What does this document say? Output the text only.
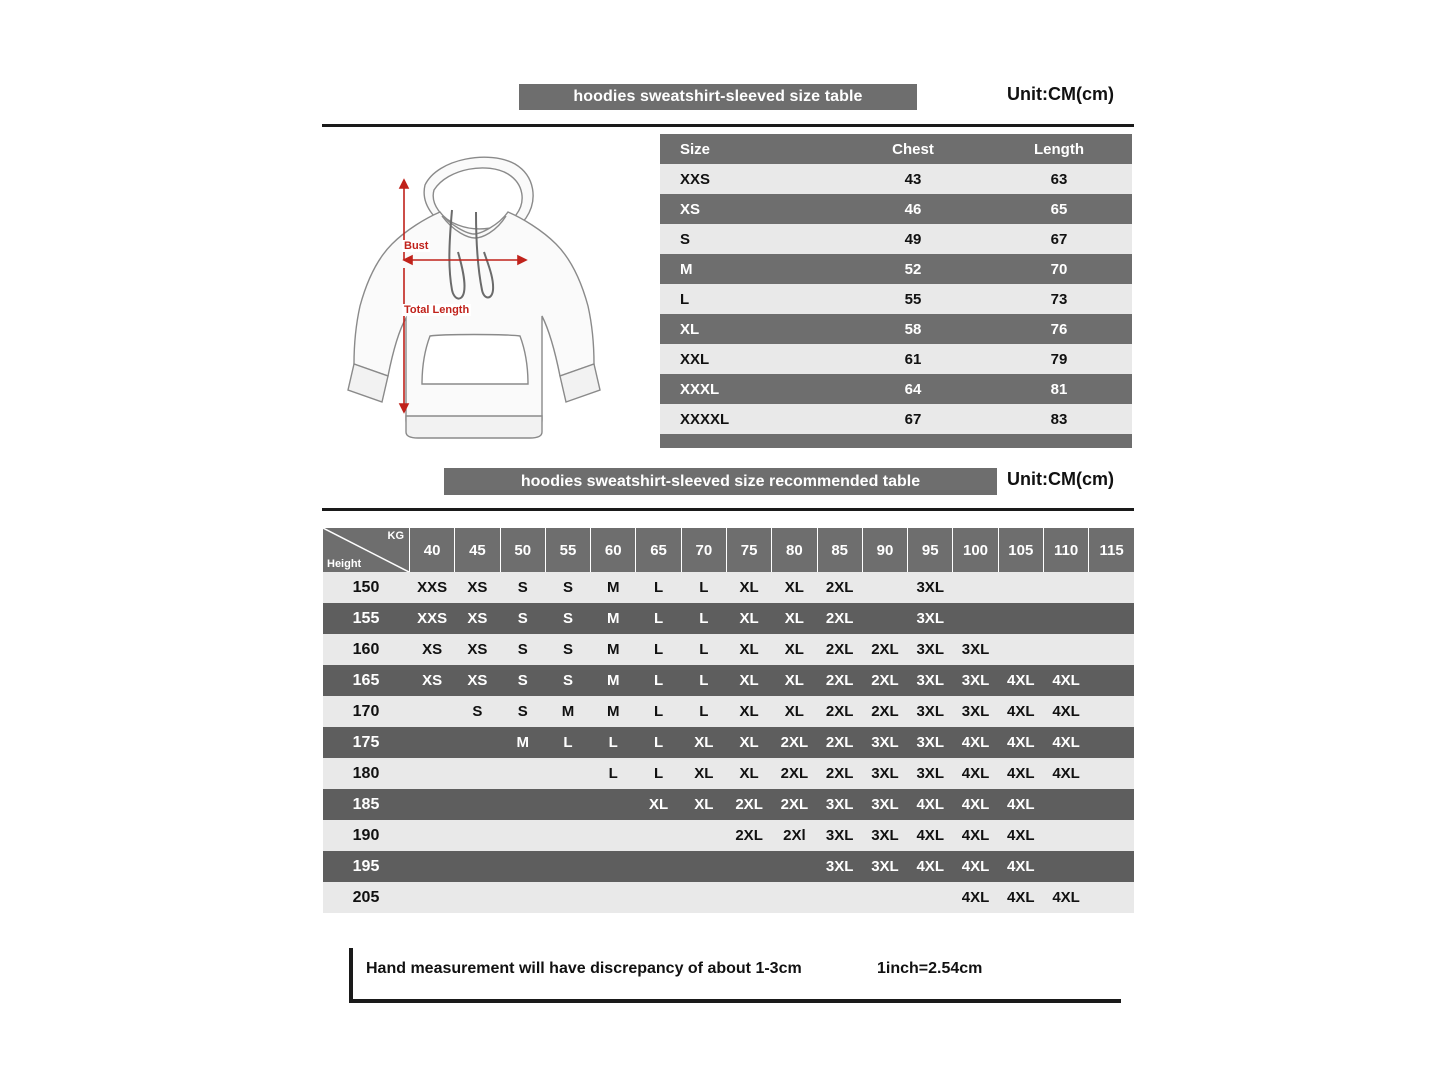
hoodies sweatshirt-sleeved size table	Unit:CM(cm)
Bust
Total Length
Size	Chest	Length
XXS	43	63
XS	46	65
S	49	67
M	52	70
L	55	73
XL	58	76
XXL	61	79
XXXL	64	81
XXXXL	67	83

hoodies sweatshirt-sleeved size recommended table	Unit:CM(cm)
KG
Height	40	45	50	55	60	65	70	75	80	85	90	95	100	105	110	115
150	XXS	XS	S	S	M	L	L	XL	XL	2XL		3XL				
155	XXS	XS	S	S	M	L	L	XL	XL	2XL		3XL				
160	XS	XS	S	S	M	L	L	XL	XL	2XL	2XL	3XL	3XL			
165	XS	XS	S	S	M	L	L	XL	XL	2XL	2XL	3XL	3XL	4XL	4XL	
170		S	S	M	M	L	L	XL	XL	2XL	2XL	3XL	3XL	4XL	4XL	
175			M	L	L	L	XL	XL	2XL	2XL	3XL	3XL	4XL	4XL	4XL	
180					L	L	XL	XL	2XL	2XL	3XL	3XL	4XL	4XL	4XL	
185						XL	XL	2XL	2XL	3XL	3XL	4XL	4XL	4XL		
190								2XL	2Xl	3XL	3XL	4XL	4XL	4XL		
195										3XL	3XL	4XL	4XL	4XL		
205													4XL	4XL	4XL	
Hand measurement will have discrepancy of about 1-3cm	1inch=2.54cm
